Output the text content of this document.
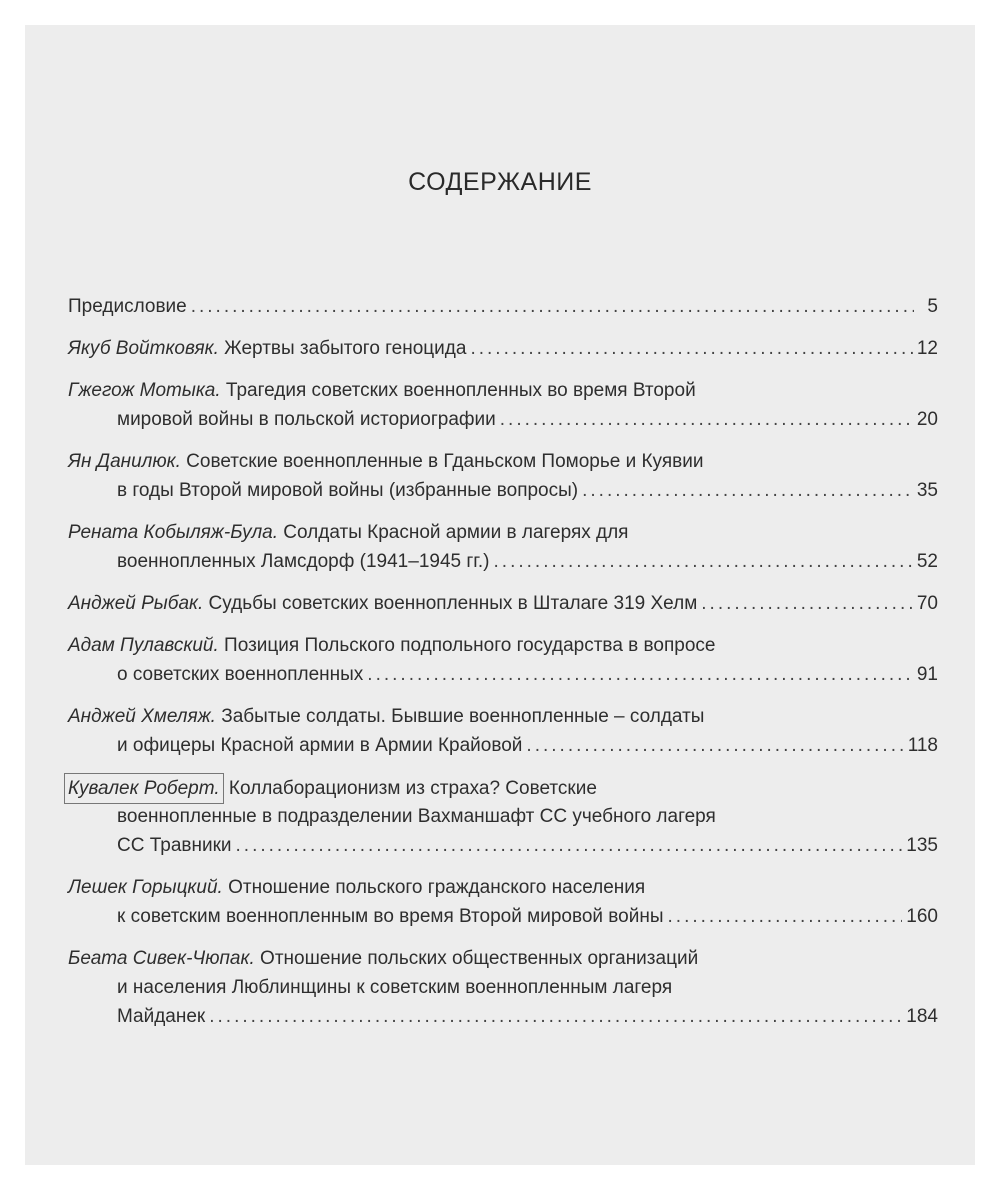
СОДЕРЖАНИЕ
Предисловие .....	5
Якуб Войтковяк. Жертвы забытого геноцида .....	12
Гжегож Мотыка. Трагедия советских военнопленных во время Второй
мировой войны в польской историографии .....	20
Ян Данилюк. Советские военнопленные в Гданьском Поморье и Куявии
в годы Второй мировой войны (избранные вопросы) .....	35
Рената Кобыляж-Була. Солдаты Красной армии в лагерях для
военнопленных Ламсдорф (1941–1945 гг.) .....	52
Анджей Рыбак. Судьбы советских военнопленных в Шталаге 319 Хелм .....	70
Адам Пулавский. Позиция Польского подпольного государства в вопросе
о советских военнопленных .....	91
Анджей Хмеляж. Забытые солдаты. Бывшие военнопленные – солдаты
и офицеры Красной армии в Армии Крайовой .....	118
Кувалек Роберт. Коллаборационизм из страха? Советские
военнопленные в подразделении Вахманшафт СС учебного лагеря
СС Травники .....	135
Лешек Горыцкий. Отношение польского гражданского населения
к советским военнопленным во время Второй мировой войны .....	160
Беата Сивек-Чюпак. Отношение польских общественных организаций
и населения Люблинщины к советским военнопленным лагеря
Майданек .....	184
